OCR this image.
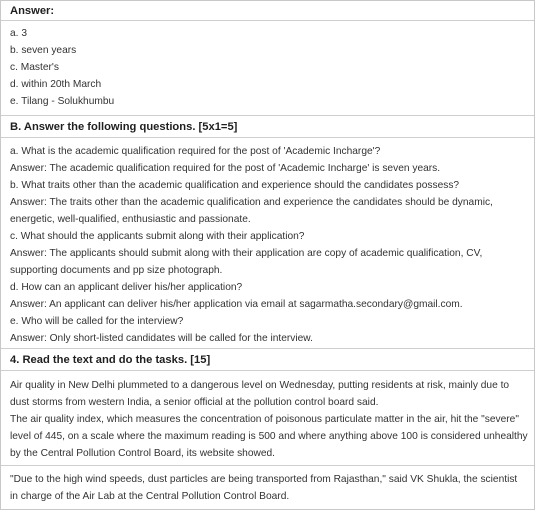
Answer:

a. 3

b. seven years

c. Master's

d. within 20th March

e. Tilang - Solukhumbu

B. Answer the following questions. [5x1=5]

a. What is the academic qualification required for the post of 'Academic Incharge'?

Answer: The academic qualification required for the post of 'Academic Incharge' is seven years.

b. What traits other than the academic qualification and experience should the candidates possess?

Answer: The traits other than the academic qualification and experience the candidates should be dynamic, energetic, well-qualified, enthusiastic and passionate.

c. What should the applicants submit along with their application?

Answer: The applicants should submit along with their application are copy of academic qualification, CV, supporting documents and pp size photograph.

d. How can an applicant deliver his/her application?

Answer: An applicant can deliver his/her application via email at sagarmatha.secondary@gmail.com.

e. Who will be called for the interview?

Answer: Only short-listed candidates will be called for the interview.

4. Read the text and do the tasks. [15]

Air quality in New Delhi plummeted to a dangerous level on Wednesday, putting residents at risk, mainly due to dust storms from western India, a senior official at the pollution control board said.

The air quality index, which measures the concentration of poisonous particulate matter in the air, hit the "severe" level of 445, on a scale where the maximum reading is 500 and where anything above 100 is considered unhealthy by the Central Pollution Control Board, its website showed.

"Due to the high wind speeds, dust particles are being transported from Rajasthan," said VK Shukla, the scientist in charge of the Air Lab at the Central Pollution Control Board.
